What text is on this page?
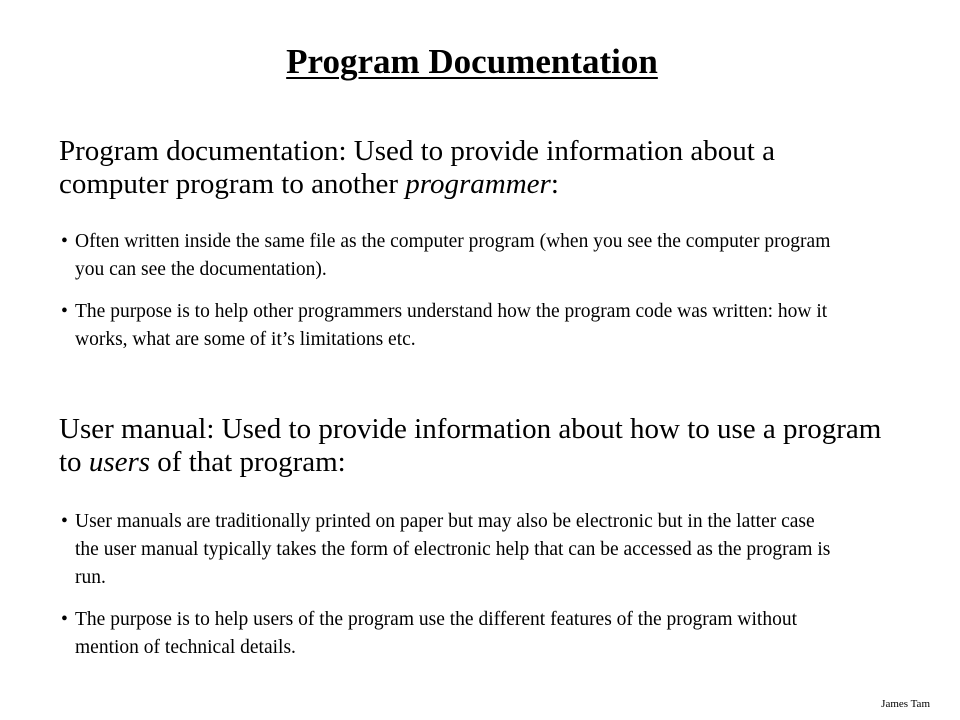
Program Documentation
Program documentation: Used to provide information about a computer program to another programmer:
• Often written inside the same file as the computer program (when you see the computer program you can see the documentation).
• The purpose is to help other programmers understand how the program code was written: how it works, what are some of it’s limitations etc.
User manual: Used to provide information about how to use a program to users of that program:
• User manuals are traditionally printed on paper but may also be electronic but in the latter case the user manual typically takes the form of electronic help that can be accessed as the program is run.
• The purpose is to help users of the program use the different features of the program without mention of technical details.
James Tam
